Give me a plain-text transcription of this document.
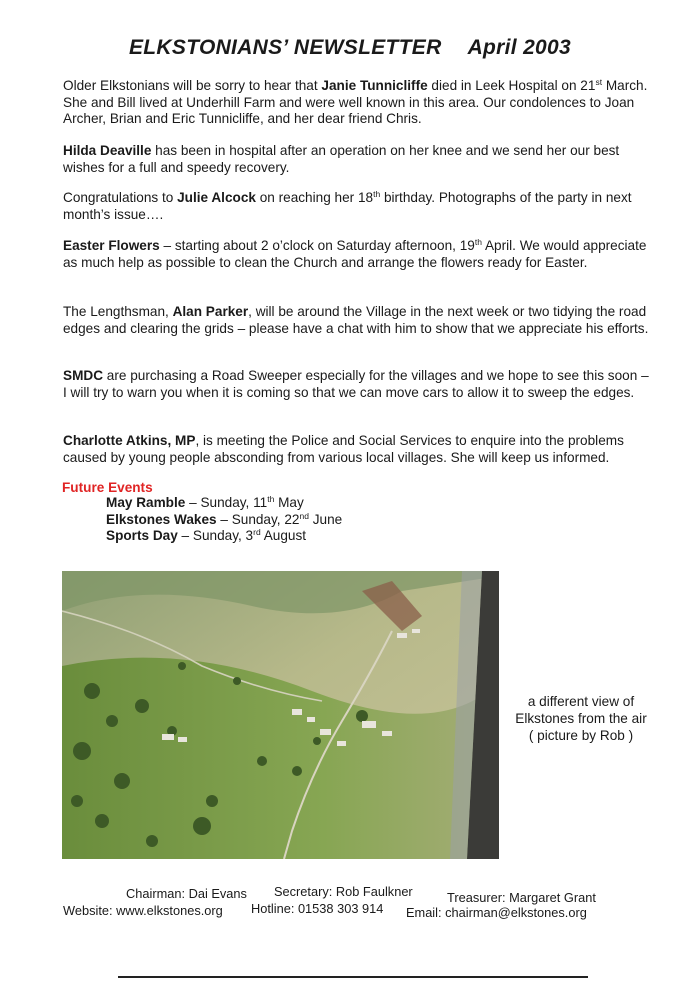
ELKSTONIANS’ NEWSLETTER April 2003
Older Elkstonians will be sorry to hear that Janie Tunnicliffe died in Leek Hospital on 21st March. She and Bill lived at Underhill Farm and were well known in this area. Our condolences to Joan Archer, Brian and Eric Tunnicliffe, and her dear friend Chris.
Hilda Deaville has been in hospital after an operation on her knee and we send her our best wishes for a full and speedy recovery.
Congratulations to Julie Alcock on reaching her 18th birthday. Photographs of the party in next month’s issue….
Easter Flowers – starting about 2 o’clock on Saturday afternoon, 19th April. We would appreciate as much help as possible to clean the Church and arrange the flowers ready for Easter.
The Lengthsman, Alan Parker, will be around the Village in the next week or two tidying the road edges and clearing the grids – please have a chat with him to show that we appreciate his efforts.
SMDC are purchasing a Road Sweeper especially for the villages and we hope to see this soon – I will try to warn you when it is coming so that we can move cars to allow it to sweep the edges.
Charlotte Atkins, MP, is meeting the Police and Social Services to enquire into the problems caused by young people absconding from various local villages. She will keep us informed.
Future Events
May Ramble – Sunday, 11th May
Elkstones Wakes – Sunday, 22nd June
Sports Day – Sunday, 3rd August
a different view of
Elkstones from the air
( picture by Rob )
Chairman: Dai Evans Secretary: Rob Faulkner	Treasurer: Margaret Grant
Website: www.elkstones.org Hotline: 01538 303 914 Email: chairman@elkstones.org
